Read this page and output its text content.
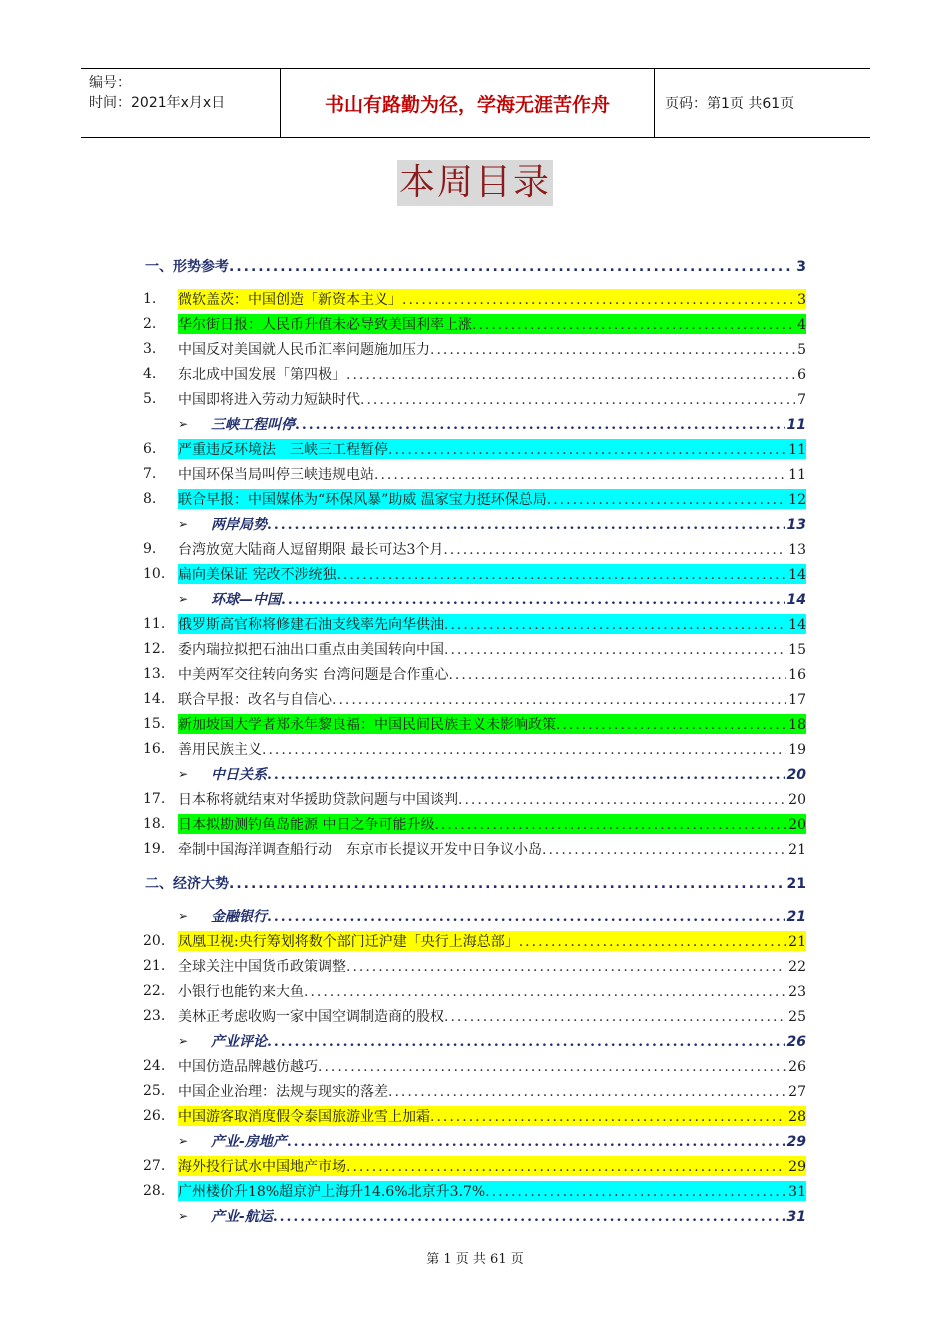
编号：
时间：2021年x月x日	书山有路勤为径，学海无涯苦作舟	页码：第1页 共61页
本周目录
一、形势参考 .....	3
1.	微软盖茨：中国创造「新资本主义」 .....	3
2.	华尔街日报：人民币升值未必导致美国利率上涨 .....	4
3.	中国反对美国就人民币汇率问题施加压力 .....	5
4.	东北成中国发展「第四极」 .....	6
5.	中国即将进入劳动力短缺时代 .....	7
➢ 三峡工程叫停 .....	11
6.	严重违反环境法　三峡三工程暂停 .....	11
7.	中国环保当局叫停三峡违规电站 .....	11
8.	联合早报：中国媒体为“环保风暴”助威 温家宝力挺环保总局 .....	12
➢ 两岸局势 .....	13
9.	台湾放宽大陆商人逗留期限 最长可达3个月 .....	13
10. 扁向美保证 宪改不涉统独 .....	14
➢ 环球—中国 .....	14
11. 俄罗斯高官称将修建石油支线率先向华供油 .....	14
12. 委内瑞拉拟把石油出口重点由美国转向中国 .....	15
13. 中美两军交往转向务实 台湾问题是合作重心 .....	16
14. 联合早报：改名与自信心 .....	17
15. 新加坡国大学者郑永年黎良福：中国民间民族主义未影响政策 .....	18
16. 善用民族主义 .....	19
➢ 中日关系 .....	20
17. 日本称将就结束对华援助贷款问题与中国谈判 .....	20
18. 日本拟勘测钓鱼岛能源 中日之争可能升级 .....	20
19. 牵制中国海洋调查船行动　东京市长提议开发中日争议小岛 .....	21
二、经济大势 .....	21
➢ 金融银行 .....	21
20. 凤凰卫视:央行筹划将数个部门迁沪建「央行上海总部」 .....	21
21. 全球关注中国货币政策调整 .....	22
22. 小银行也能钓来大鱼 .....	23
23. 美林正考虑收购一家中国空调制造商的股权 .....	25
➢ 产业评论 .....	26
24. 中国仿造品牌越仿越巧 .....	26
25. 中国企业治理：法规与现实的落差 .....	27
26. 中国游客取消度假令泰国旅游业雪上加霜 .....	28
➢ 产业-房地产 .....	29
27. 海外投行试水中国地产市场 .....	29
28. 广州楼价升18%超京沪上海升14.6%北京升3.7% .....	31
➢ 产业-航运 .....	31
第 1 页 共 61 页
